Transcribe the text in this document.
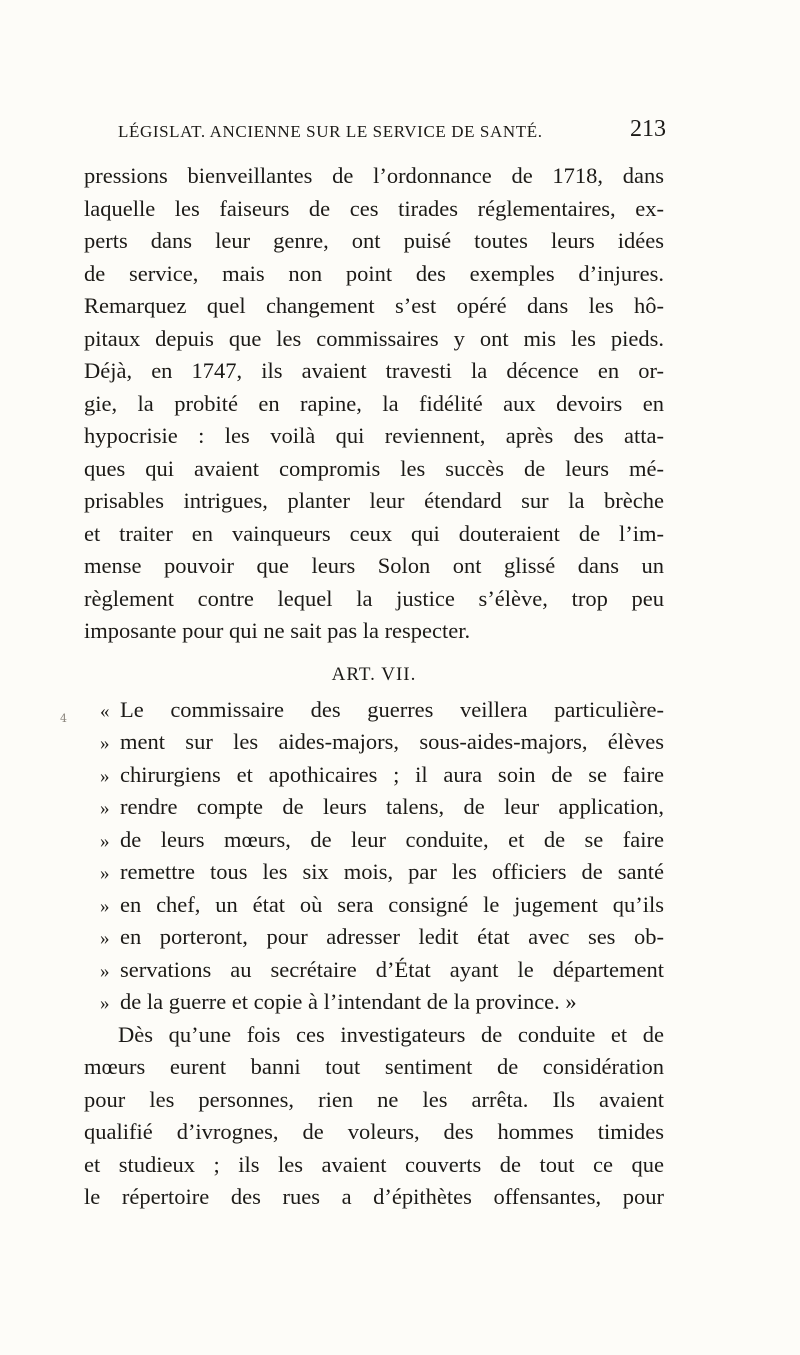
LÉGISLAT. ANCIENNE SUR LE SERVICE DE SANTÉ.	213
4
pressions bienveillantes de l’ordonnance de 1718, dans
laquelle les faiseurs de ces tirades réglementaires, ex-
perts dans leur genre, ont puisé toutes leurs idées
de service, mais non point des exemples d’injures.
Remarquez quel changement s’est opéré dans les hô-
pitaux depuis que les commissaires y ont mis les pieds.
Déjà, en 1747, ils avaient travesti la décence en or-
gie, la probité en rapine, la fidélité aux devoirs en
hypocrisie : les voilà qui reviennent, après des atta-
ques qui avaient compromis les succès de leurs mé-
prisables intrigues, planter leur étendard sur la brèche
et traiter en vainqueurs ceux qui douteraient de l’im-
mense pouvoir que leurs Solon ont glissé dans un
règlement contre lequel la justice s’élève, trop peu
imposante pour qui ne sait pas la respecter.
ART. VII.
« Le commissaire des guerres veillera particulière-
» ment sur les aides-majors, sous-aides-majors, élèves
» chirurgiens et apothicaires ; il aura soin de se faire
» rendre compte de leurs talens, de leur application,
» de leurs mœurs, de leur conduite, et de se faire
» remettre tous les six mois, par les officiers de santé
» en chef, un état où sera consigné le jugement qu’ils
» en porteront, pour adresser ledit état avec ses ob-
» servations au secrétaire d’État ayant le département
» de la guerre et copie à l’intendant de la province. »
Dès qu’une fois ces investigateurs de conduite et de
mœurs eurent banni tout sentiment de considération
pour les personnes, rien ne les arrêta. Ils avaient
qualifié d’ivrognes, de voleurs, des hommes timides
et studieux ; ils les avaient couverts de tout ce que
le répertoire des rues a d’épithètes offensantes, pour
